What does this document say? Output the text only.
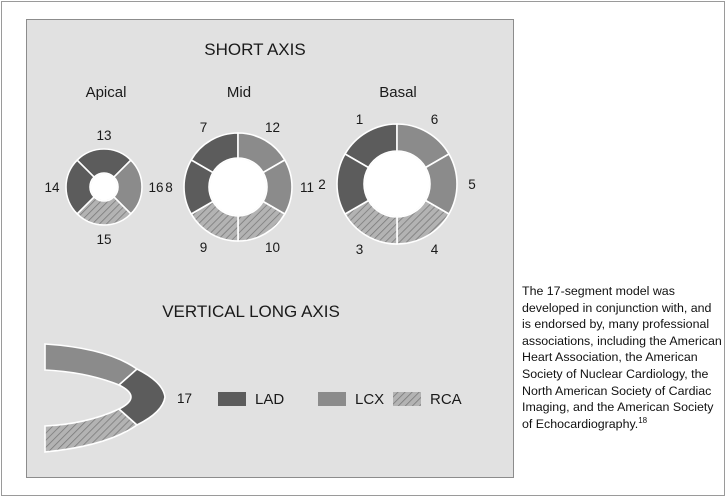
SHORT AXIS
Apical	Mid	Basal
13
16
15
14
7	12
11
10
9
8
1	6
5
4
3
2
VERTICAL LONG AXIS
17	LAD	LCX	RCA

The 17-segment model was developed in conjunction with, and is endorsed by, many professional associations, including the American Heart Association, the American Society of Nuclear Cardiology, the North American Society of Cardiac Imaging, and the American Society of Echocardiography.$^{18}$
